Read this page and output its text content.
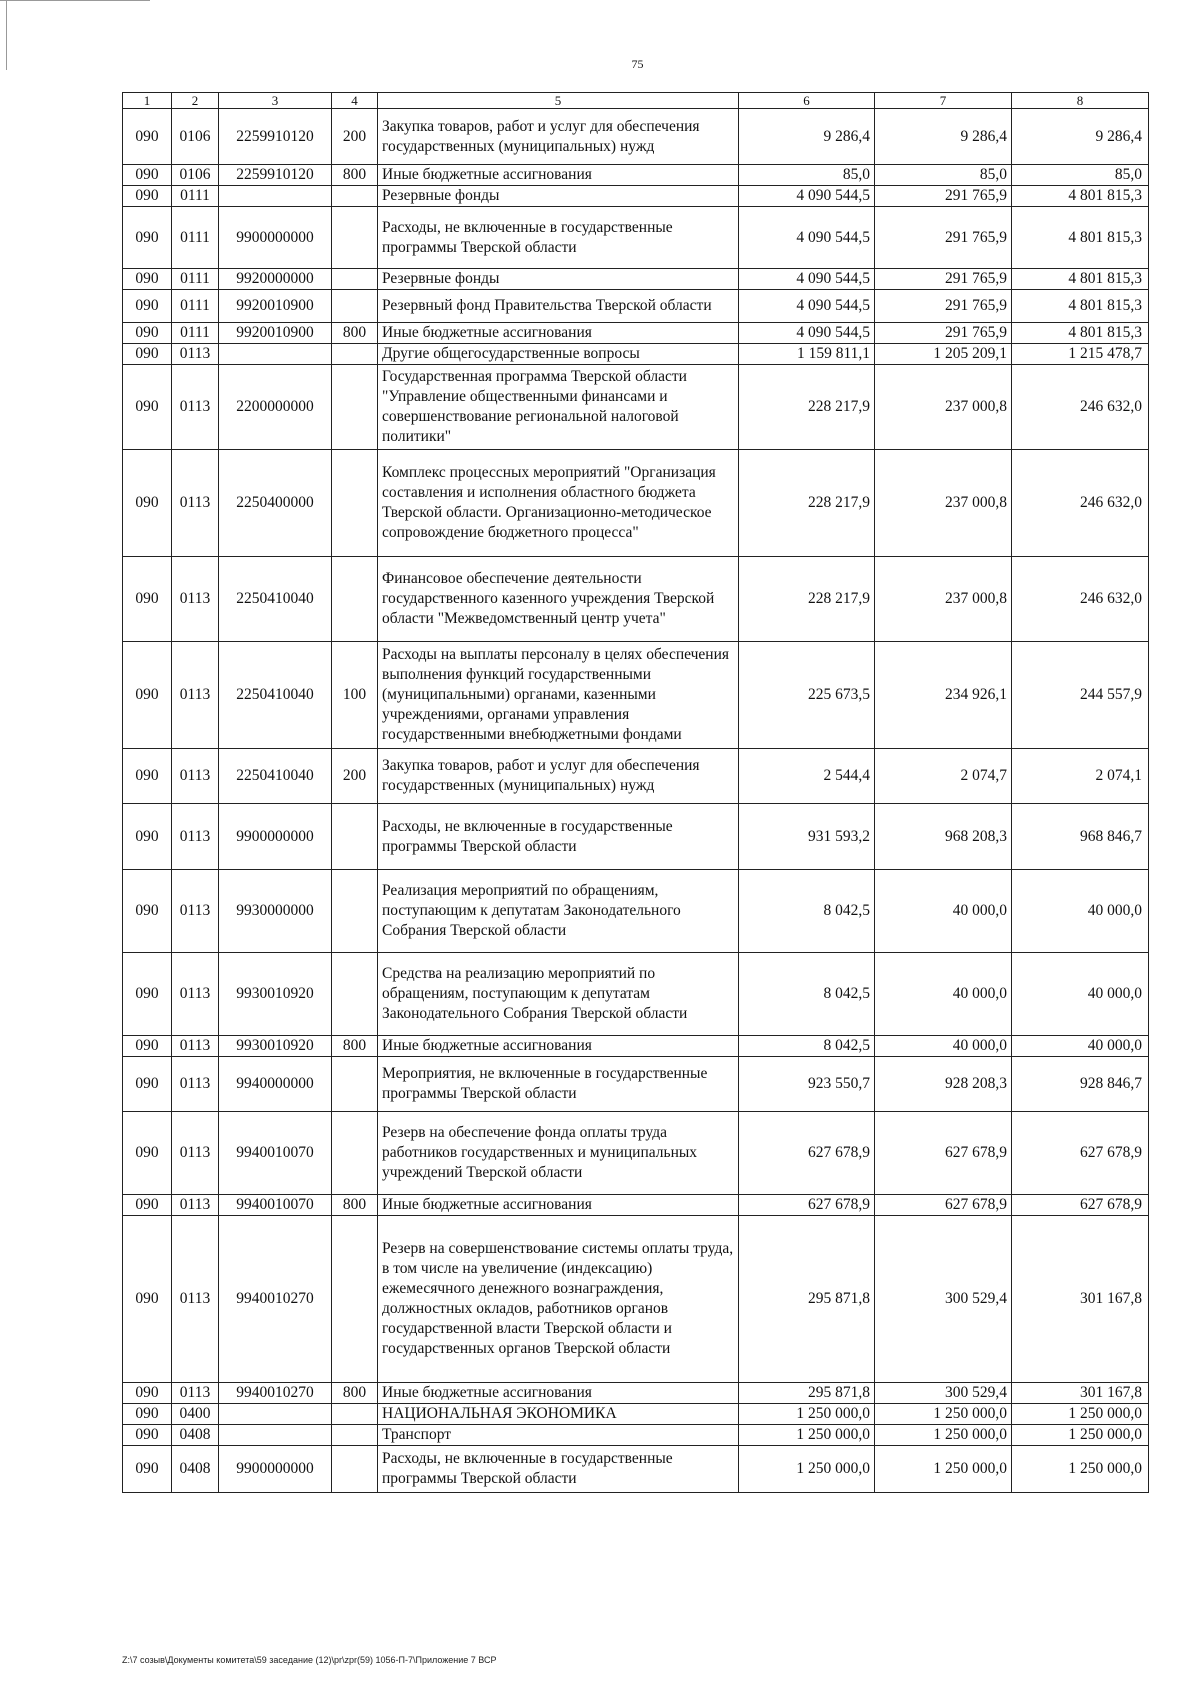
75
1	2	3	4	5	6	7	8
090	0106	2259910120	200	Закупка товаров, работ и услуг для обеспечения государственных (муниципальных) нужд	9 286,4	9 286,4	9 286,4
090	0106	2259910120	800	Иные бюджетные ассигнования	85,0	85,0	85,0
090	0111			Резервные фонды	4 090 544,5	291 765,9	4 801 815,3
090	0111	9900000000		Расходы, не включенные в государственные программы Тверской области	4 090 544,5	291 765,9	4 801 815,3
090	0111	9920000000		Резервные фонды	4 090 544,5	291 765,9	4 801 815,3
090	0111	9920010900		Резервный фонд Правительства Тверской области	4 090 544,5	291 765,9	4 801 815,3
090	0111	9920010900	800	Иные бюджетные ассигнования	4 090 544,5	291 765,9	4 801 815,3
090	0113			Другие общегосударственные вопросы	1 159 811,1	1 205 209,1	1 215 478,7
090	0113	2200000000		Государственная программа Тверской области "Управление общественными финансами и совершенствование региональной налоговой политики"	228 217,9	237 000,8	246 632,0
090	0113	2250400000		Комплекс процессных мероприятий "Организация составления и исполнения областного бюджета Тверской области. Организационно-методическое сопровождение бюджетного процесса"	228 217,9	237 000,8	246 632,0
090	0113	2250410040		Финансовое обеспечение деятельности государственного казенного учреждения Тверской области "Межведомственный центр учета"	228 217,9	237 000,8	246 632,0
090	0113	2250410040	100	Расходы на выплаты персоналу в целях обеспечения выполнения функций государственными (муниципальными) органами, казенными учреждениями, органами управления государственными внебюджетными фондами	225 673,5	234 926,1	244 557,9
090	0113	2250410040	200	Закупка товаров, работ и услуг для обеспечения государственных (муниципальных) нужд	2 544,4	2 074,7	2 074,1
090	0113	9900000000		Расходы, не включенные в государственные программы Тверской области	931 593,2	968 208,3	968 846,7
090	0113	9930000000		Реализация мероприятий по обращениям, поступающим к депутатам Законодательного Собрания Тверской области	8 042,5	40 000,0	40 000,0
090	0113	9930010920		Средства на реализацию мероприятий по обращениям, поступающим к депутатам Законодательного Собрания Тверской области	8 042,5	40 000,0	40 000,0
090	0113	9930010920	800	Иные бюджетные ассигнования	8 042,5	40 000,0	40 000,0
090	0113	9940000000		Мероприятия, не включенные в государственные программы Тверской области	923 550,7	928 208,3	928 846,7
090	0113	9940010070		Резерв на обеспечение фонда оплаты труда работников государственных и муниципальных учреждений Тверской области	627 678,9	627 678,9	627 678,9
090	0113	9940010070	800	Иные бюджетные ассигнования	627 678,9	627 678,9	627 678,9
090	0113	9940010270		Резерв на совершенствование системы оплаты труда, в том числе на увеличение (индексацию) ежемесячного денежного вознаграждения, должностных окладов, работников органов государственной власти Тверской области и государственных органов Тверской области	295 871,8	300 529,4	301 167,8
090	0113	9940010270	800	Иные бюджетные ассигнования	295 871,8	300 529,4	301 167,8
090	0400			НАЦИОНАЛЬНАЯ ЭКОНОМИКА	1 250 000,0	1 250 000,0	1 250 000,0
090	0408			Транспорт	1 250 000,0	1 250 000,0	1 250 000,0
090	0408	9900000000		Расходы, не включенные в государственные программы Тверской области	1 250 000,0	1 250 000,0	1 250 000,0
Z:\7 созыв\Документы комитета\59 заседание (12)\pr\zpr(59) 1056-П-7\Приложение 7 ВСР
